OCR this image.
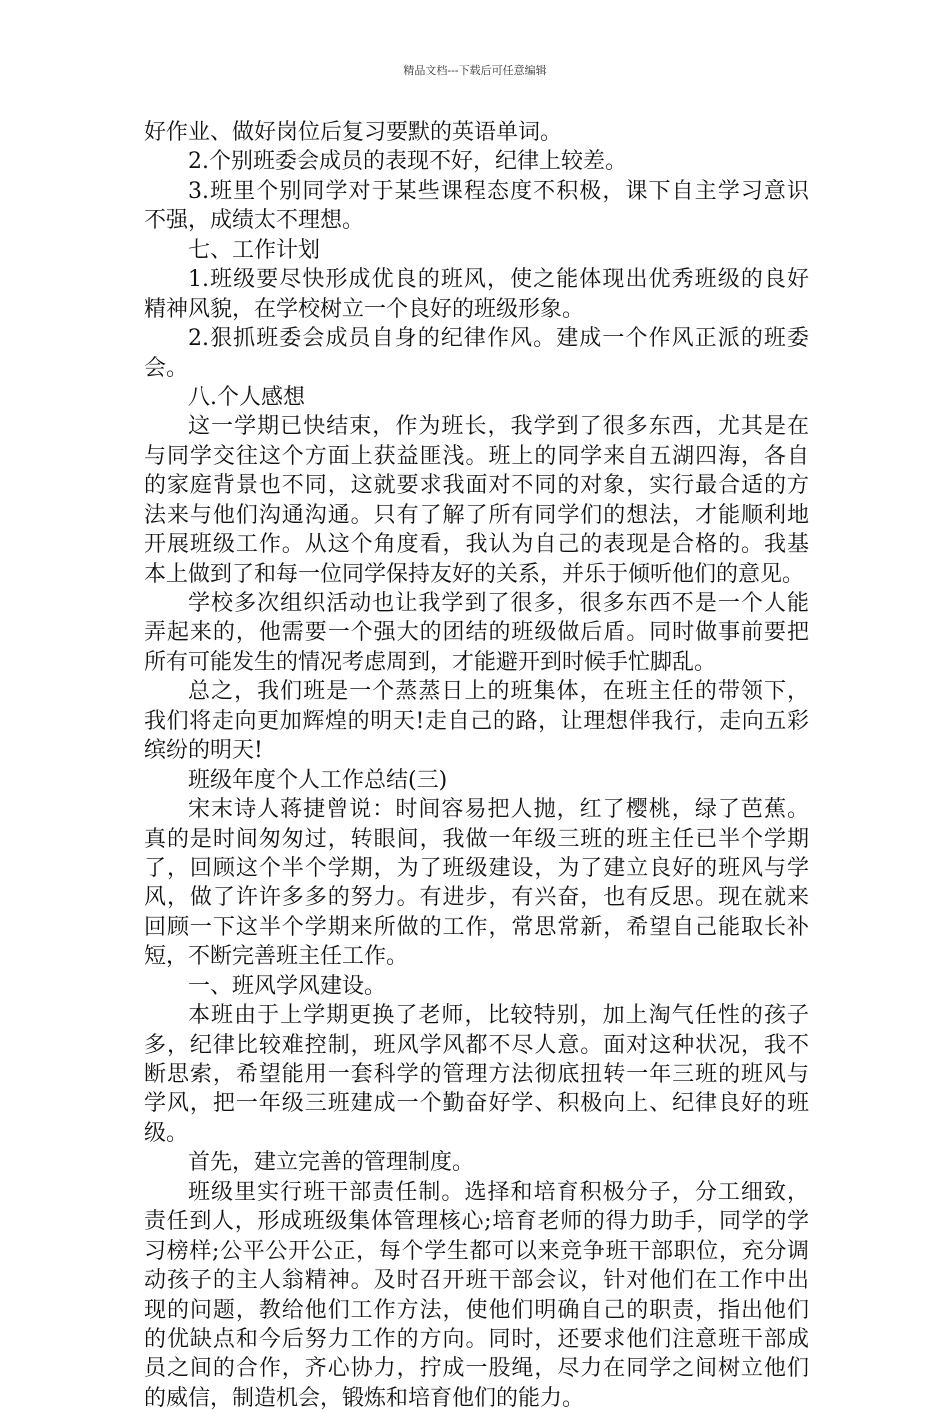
精品文档---下载后可任意编辑
好作业、做好岗位后复习要默的英语单词。
2.个别班委会成员的表现不好，纪律上较差。
3.班里个别同学对于某些课程态度不积极，课下自主学习意识
不强，成绩太不理想。
七、工作计划
1.班级要尽快形成优良的班风，使之能体现出优秀班级的良好
精神风貌，在学校树立一个良好的班级形象。
2.狠抓班委会成员自身的纪律作风。建成一个作风正派的班委
会。
八.个人感想
这一学期已快结束，作为班长，我学到了很多东西，尤其是在
与同学交往这个方面上获益匪浅。班上的同学来自五湖四海，各自
的家庭背景也不同，这就要求我面对不同的对象，实行最合适的方
法来与他们沟通沟通。只有了解了所有同学们的想法，才能顺利地
开展班级工作。从这个角度看，我认为自己的表现是合格的。我基
本上做到了和每一位同学保持友好的关系，并乐于倾听他们的意见。
学校多次组织活动也让我学到了很多，很多东西不是一个人能
弄起来的，他需要一个强大的团结的班级做后盾。同时做事前要把
所有可能发生的情况考虑周到，才能避开到时候手忙脚乱。
总之，我们班是一个蒸蒸日上的班集体，在班主任的带领下，
我们将走向更加辉煌的明天!走自己的路，让理想伴我行，走向五彩
缤纷的明天!
班级年度个人工作总结(三)
宋末诗人蒋捷曾说：时间容易把人抛，红了樱桃，绿了芭蕉。
真的是时间匆匆过，转眼间，我做一年级三班的班主任已半个学期
了，回顾这个半个学期，为了班级建设，为了建立良好的班风与学
风，做了许许多多的努力。有进步，有兴奋，也有反思。现在就来
回顾一下这半个学期来所做的工作，常思常新，希望自己能取长补
短，不断完善班主任工作。
一、班风学风建设。
本班由于上学期更换了老师，比较特别，加上淘气任性的孩子
多，纪律比较难控制，班风学风都不尽人意。面对这种状况，我不
断思索，希望能用一套科学的管理方法彻底扭转一年三班的班风与
学风，把一年级三班建成一个勤奋好学、积极向上、纪律良好的班
级。
首先，建立完善的管理制度。
班级里实行班干部责任制。选择和培育积极分子，分工细致，
责任到人，形成班级集体管理核心;培育老师的得力助手，同学的学
习榜样;公平公开公正，每个学生都可以来竞争班干部职位，充分调
动孩子的主人翁精神。及时召开班干部会议，针对他们在工作中出
现的问题，教给他们工作方法，使他们明确自己的职责，指出他们
的优缺点和今后努力工作的方向。同时，还要求他们注意班干部成
员之间的合作，齐心协力，拧成一股绳，尽力在同学之间树立他们
的威信，制造机会，锻炼和培育他们的能力。
